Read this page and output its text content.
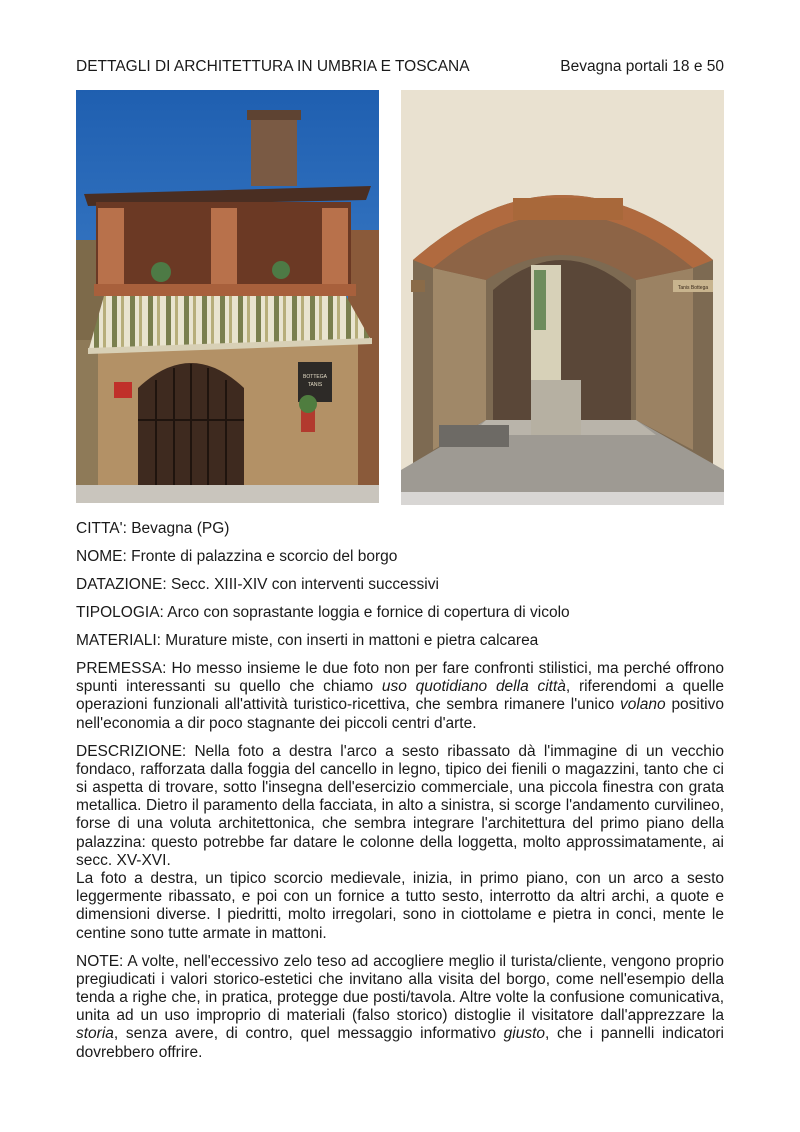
DETTAGLI DI ARCHITETTURA IN UMBRIA E TOSCANA	Bevagna portali 18 e 50
BOTTEGA
TANIS
Tanis Bottega

CITTA': Bevagna (PG)

NOME: Fronte di palazzina e scorcio del borgo

DATAZIONE: Secc. XIII-XIV con interventi successivi

TIPOLOGIA: Arco con soprastante loggia e fornice di copertura di vicolo

MATERIALI: Murature miste, con inserti in mattoni e pietra calcarea

PREMESSA: Ho messo insieme le due foto non per fare confronti stilistici, ma perché offrono spunti interessanti su quello che chiamo uso quotidiano della città, riferendomi a quelle operazioni funzionali all'attività turistico-ricettiva, che sembra rimanere l'unico volano positivo nell'economia a dir poco stagnante dei piccoli centri d'arte.

DESCRIZIONE: Nella foto a destra l'arco a sesto ribassato dà l'immagine di un vecchio fondaco, rafforzata dalla foggia del cancello in legno, tipico dei fienili o magazzini, tanto che ci si aspetta di trovare, sotto l'insegna dell'esercizio commerciale, una piccola finestra con grata metallica. Dietro il paramento della facciata, in alto a sinistra, si scorge l'andamento curvilineo, forse di una voluta architettonica, che sembra integrare l'architettura del primo piano della palazzina: questo potrebbe far datare le colonne della loggetta, molto approssimatamente, ai secc. XV-XVI.

La foto a destra, un tipico scorcio medievale, inizia, in primo piano, con un arco a sesto leggermente ribassato, e poi con un fornice a tutto sesto, interrotto da altri archi, a quote e dimensioni diverse. I piedritti, molto irregolari, sono in ciottolame e pietra in conci, mente le centine sono tutte armate in mattoni.

NOTE: A volte, nell'eccessivo zelo teso ad accogliere meglio il turista/cliente, vengono proprio pregiudicati i valori storico-estetici che invitano alla visita del borgo, come nell'esempio della tenda a righe che, in pratica, protegge due posti/tavola. Altre volte la confusione comunicativa, unita ad un uso improprio di materiali (falso storico) distoglie il visitatore dall'apprezzare la storia, senza avere, di contro, quel messaggio informativo giusto, che i pannelli indicatori dovrebbero offrire.
